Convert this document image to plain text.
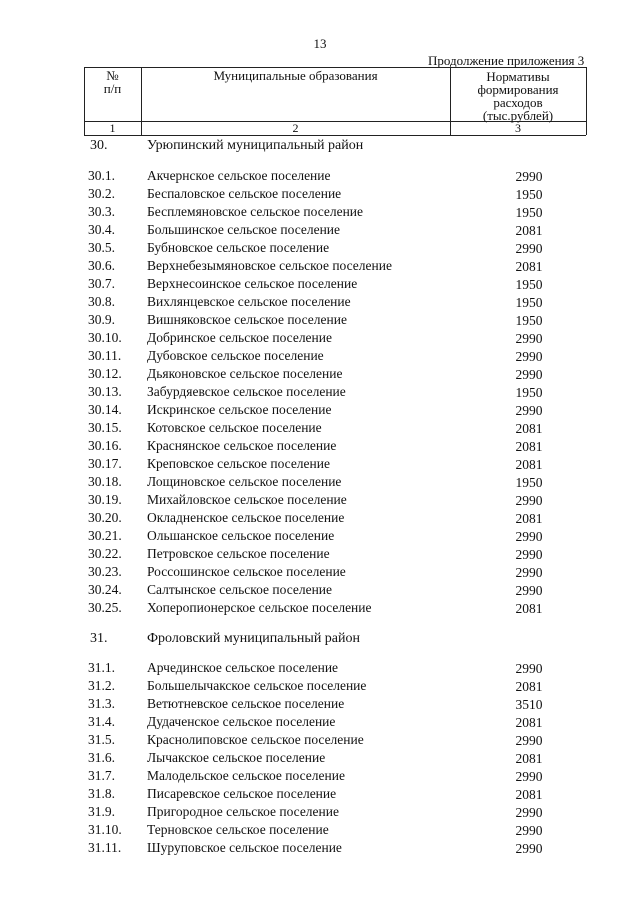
13
Продолжение приложения 3
№
п/п
Муниципальные образования	Нормативы
формирования
расходов
(тыс.рублей)
1	2	3
30.	Урюпинский муниципальный район
30.1. Акчернское сельское поселение	2990
30.2. Беспаловское сельское поселение	1950
30.3. Бесплемяновское сельское поселение	1950
30.4. Большинское сельское поселение	2081
30.5. Бубновское сельское поселение	2990
30.6. Верхнебезымяновское сельское поселение	2081
30.7. Верхнесоинское сельское поселение	1950
30.8. Вихлянцевское сельское поселение	1950
30.9. Вишняковское сельское поселение	1950
30.10. Добринское сельское поселение	2990
30.11. Дубовское сельское поселение	2990
30.12. Дьяконовское сельское поселение	2990
30.13. Забурдяевское сельское поселение	1950
30.14. Искринское сельское поселение	2990
30.15. Котовское сельское поселение	2081
30.16. Краснянское сельское поселение	2081
30.17. Креповское сельское поселение	2081
30.18. Лощиновское сельское поселение	1950
30.19. Михайловское сельское поселение	2990
30.20. Окладненское сельское поселение	2081
30.21. Ольшанское сельское поселение	2990
30.22. Петровское сельское поселение	2990
30.23. Россошинское сельское поселение	2990
30.24. Салтынское сельское поселение	2990
30.25. Хоперопионерское сельское поселение	2081
31.	Фроловский муниципальный район
31.1. Арчединское сельское поселение	2990
31.2. Большелычакское сельское поселение	2081
31.3. Ветютневское сельское поселение	3510
31.4. Дудаченское сельское поселение	2081
31.5. Краснолиповское сельское поселение	2990
31.6. Лычакское сельское поселение	2081
31.7. Малодельское сельское поселение	2990
31.8. Писаревское сельское поселение	2081
31.9. Пригородное сельское поселение	2990
31.10. Терновское сельское поселение	2990
31.11. Шуруповское сельское поселение	2990
